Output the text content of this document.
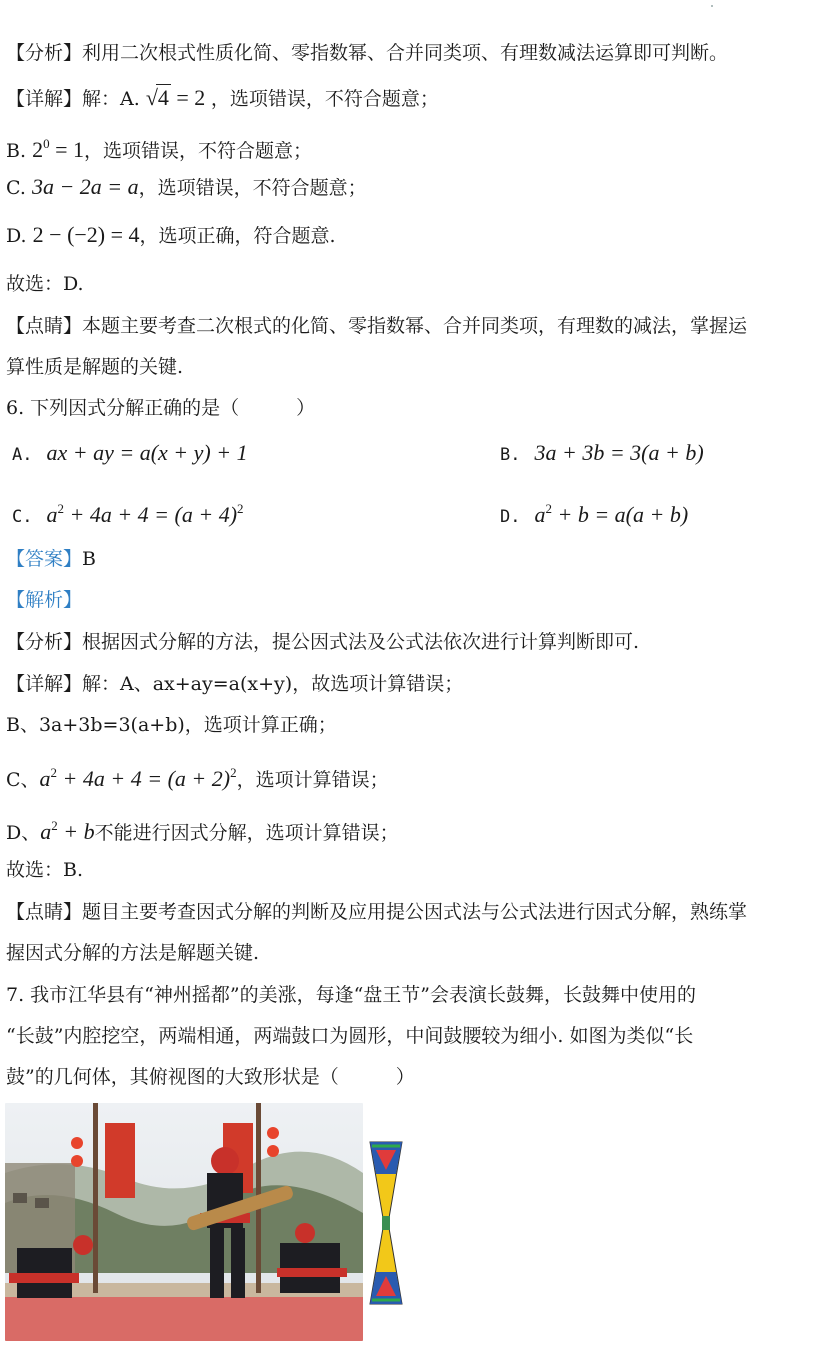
【分析】利用二次根式性质化简、零指数幂、合并同类项、有理数减法运算即可判断。
【详解】解：A. √4 = 2 ，选项错误，不符合题意；
B. $2^0 = 1$，选项错误，不符合题意；
C. 3a − 2a = a，选项错误，不符合题意；
D. 2 − (−2) = 4，选项正确，符合题意.
故选：D.
【点睛】本题主要考查二次根式的化简、零指数幂、合并同类项，有理数的减法，掌握运
算性质是解题的关键.
6. 下列因式分解正确的是（　　　）
A. ax + ay = a(x + y) + 1	B. 3a + 3b = 3(a + b)
C. $a^2 + 4a + 4 = (a + 4)^2$	D. $a^2 + b = a(a + b)$
【答案】B
【解析】
【分析】根据因式分解的方法，提公因式法及公式法依次进行计算判断即可.
【详解】解：A、ax+ay=a(x+y)，故选项计算错误；
B、3a+3b=3(a+b)，选项计算正确；
C、$a^2 + 4a + 4 = (a + 2)^2$，选项计算错误；
D、$a^2 + b$不能进行因式分解，选项计算错误；
故选：B.
【点睛】题目主要考查因式分解的判断及应用提公因式法与公式法进行因式分解，熟练掌
握因式分解的方法是解题关键.
7. 我市江华县有“神州摇都”的美涨，每逢“盘王节”会表演长鼓舞，长鼓舞中使用的
“长鼓”内腔挖空，两端相通，两端鼓口为圆形，中间鼓腰较为细小. 如图为类似“长
鼓”的几何体，其俯视图的大致形状是（　　　）
